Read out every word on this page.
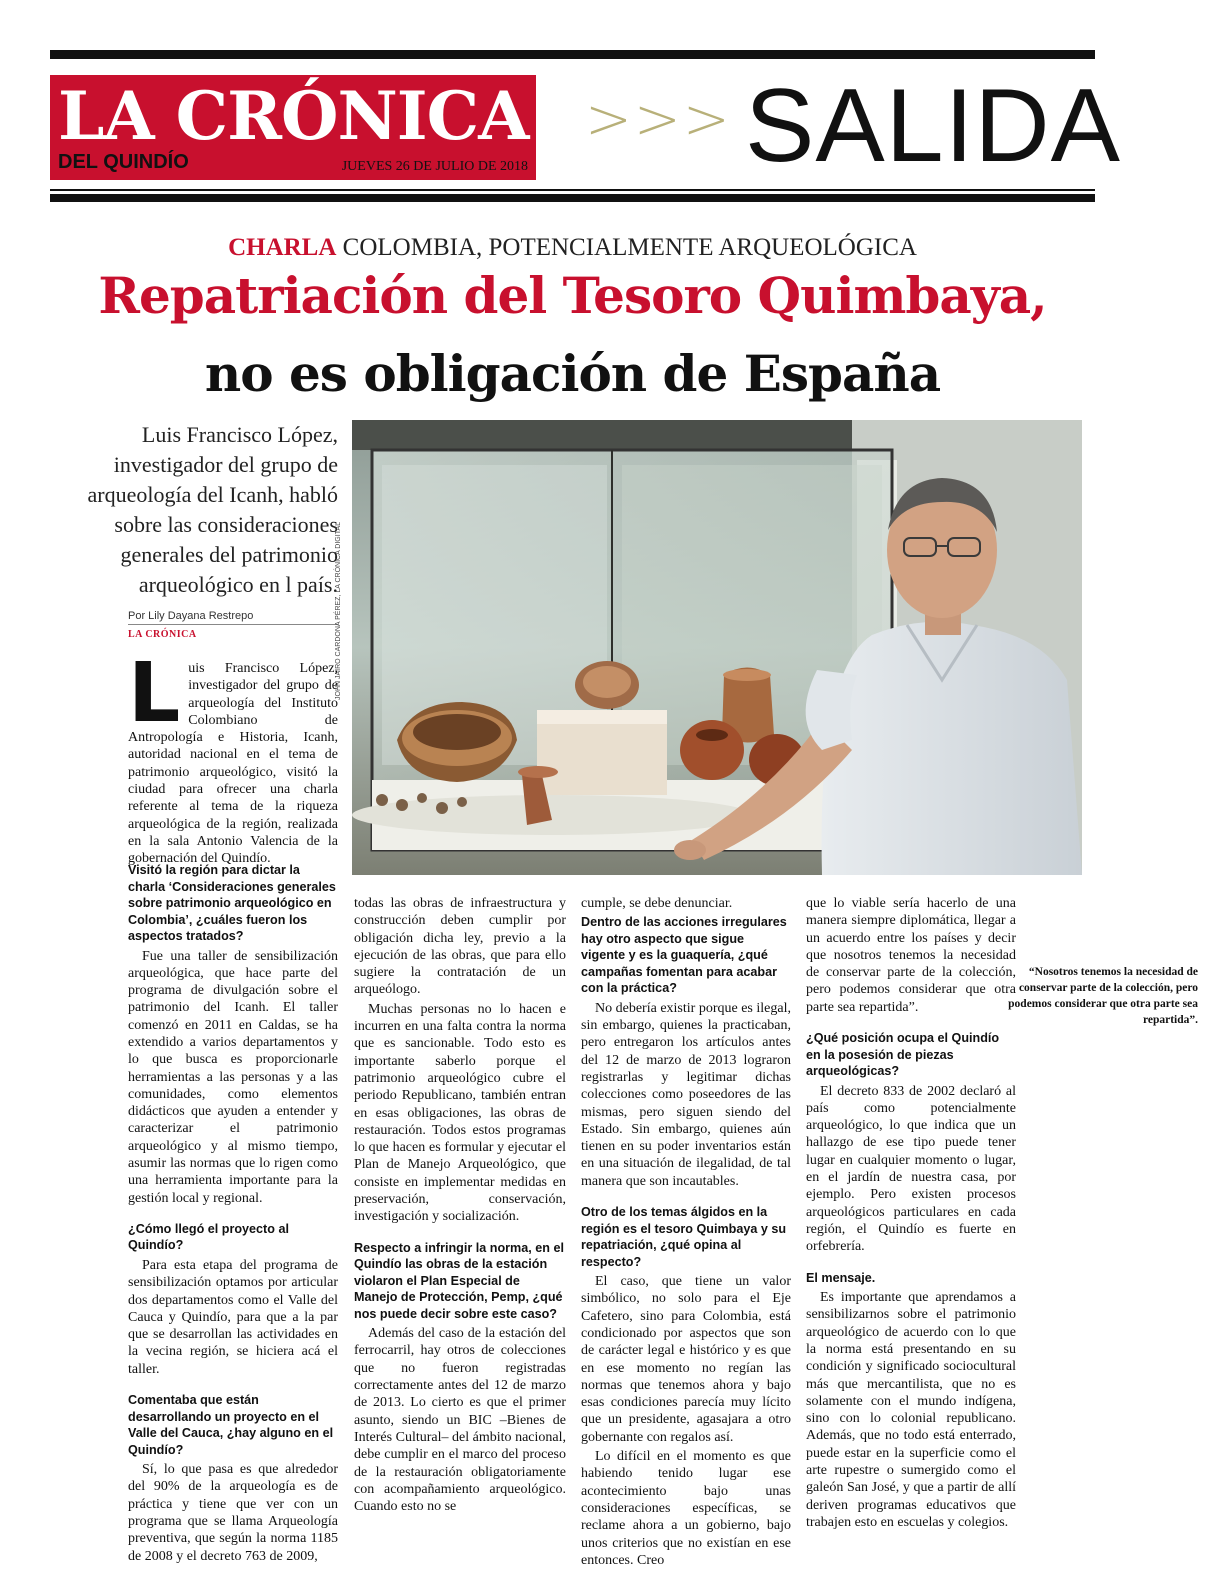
LA CRÓNICA
DEL QUINDÍO	JUEVES 26 DE JULIO DE 2018
>>> SALIDA
CHARLA COLOMBIA, POTENCIALMENTE ARQUEOLÓGICA
Repatriación del Tesoro Quimbaya,
no es obligación de España
Luis Francisco López, investigador del grupo de arqueología del Icanh, habló sobre las consideraciones generales del patrimonio arqueológico en l país.
Por Lily Dayana Restrepo
LA CRÓNICA
“Nosotros tenemos la necesidad de conservar parte de la colección, pero podemos considerar que otra parte sea repartida”.
JOHN JAIRO CARDONA PÉREZ, LA CRÓNICA DIGITAL
L uis Francisco López, investigador del grupo de arqueología del Instituto Colombiano de Antropología e Historia, Icanh, autoridad nacional en el tema de patrimonio arqueológico, visitó la ciudad para ofrecer una charla referente al tema de la riqueza arqueológica de la región, realizada en la sala Antonio Valencia de la gobernación del Quindío.

Visitó la región para dictar la charla ‘Consideraciones generales sobre patrimonio arqueológico en Colombia’, ¿cuáles fueron los aspectos tratados?

Fue una taller de sensibilización arqueológica, que hace parte del programa de divulgación sobre el patrimonio del Icanh. El taller comenzó en 2011 en Caldas, se ha extendido a varios departamentos y lo que busca es proporcionarle herramientas a las personas y a las comunidades, como elementos didácticos que ayuden a entender y caracterizar el patrimonio arqueológico y al mismo tiempo, asumir las normas que lo rigen como una herramienta importante para la gestión local y regional.

¿Cómo llegó el proyecto al Quindío?

Para esta etapa del programa de sensibilización optamos por articular dos departamentos como el Valle del Cauca y Quindío, para que a la par que se desarrollan las actividades en la vecina región, se hiciera acá el taller.

Comentaba que están desarrollando un proyecto en el Valle del Cauca, ¿hay alguno en el Quindío?

Sí, lo que pasa es que alrededor del 90% de la arqueología es de práctica y tiene que ver con un programa que se llama Arqueología preventiva, que según la norma 1185 de 2008 y el decreto 763 de 2009,

todas las obras de infraestructura y construcción deben cumplir por obligación dicha ley, previo a la ejecución de las obras, que para ello sugiere la contratación de un arqueólogo.

Muchas personas no lo hacen e incurren en una falta contra la norma que es sancionable. Todo esto es importante saberlo porque el patrimonio arqueológico cubre el periodo Republicano, también entran en esas obligaciones, las obras de restauración. Todos estos programas lo que hacen es formular y ejecutar el Plan de Manejo Arqueológico, que consiste en implementar medidas en preservación, conservación, investigación y socialización.

Respecto a infringir la norma, en el Quindío las obras de la estación violaron el Plan Especial de Manejo de Protección, Pemp, ¿qué nos puede decir sobre este caso?

Además del caso de la estación del ferrocarril, hay otros de colecciones que no fueron registradas correctamente antes del 12 de marzo de 2013. Lo cierto es que el primer asunto, siendo un BIC –Bienes de Interés Cultural– del ámbito nacional, debe cumplir en el marco del proceso de la restauración obligatoriamente con acompañamiento arqueológico. Cuando esto no se

cumple, se debe denunciar.

Dentro de las acciones irregulares hay otro aspecto que sigue vigente y es la guaquería, ¿qué campañas fomentan para acabar con la práctica?

No debería existir porque es ilegal, sin embargo, quienes la practicaban, pero entregaron los artículos antes del 12 de marzo de 2013 lograron registrarlas y legitimar dichas colecciones como poseedores de las mismas, pero siguen siendo del Estado. Sin embargo, quienes aún tienen en su poder inventarios están en una situación de ilegalidad, de tal manera que son incautables.

Otro de los temas álgidos en la región es el tesoro Quimbaya y su repatriación, ¿qué opina al respecto?

El caso, que tiene un valor simbólico, no solo para el Eje Cafetero, sino para Colombia, está condicionado por aspectos que son de carácter legal e histórico y es que en ese momento no regían las normas que tenemos ahora y bajo esas condiciones parecía muy lícito que un presidente, agasajara a otro gobernante con regalos así.

Lo difícil en el momento es que habiendo tenido lugar ese acontecimiento bajo unas consideraciones específicas, se reclame ahora a un gobierno, bajo unos criterios que no existían en ese entonces. Creo

que lo viable sería hacerlo de una manera siempre diplomática, llegar a un acuerdo entre los países y decir que nosotros tenemos la necesidad de conservar parte de la colección, pero podemos considerar que otra parte sea repartida”.

¿Qué posición ocupa el Quindío en la posesión de piezas arqueológicas?

El decreto 833 de 2002 declaró al país como potencialmente arqueológico, lo que indica que un hallazgo de ese tipo puede tener lugar en cualquier momento o lugar, en el jardín de nuestra casa, por ejemplo. Pero existen procesos arqueológicos particulares en cada región, el Quindío es fuerte en orfebrería.

El mensaje.

Es importante que aprendamos a sensibilizarnos sobre el patrimonio arqueológico de acuerdo con lo que la norma está presentando en su condición y significado sociocultural más que mercantilista, que no es solamente con el mundo indígena, sino con lo colonial republicano. Además, que no todo está enterrado, puede estar en la superficie como el arte rupestre o sumergido como el galeón San José, y que a partir de allí deriven programas educativos que trabajen esto en escuelas y colegios.
